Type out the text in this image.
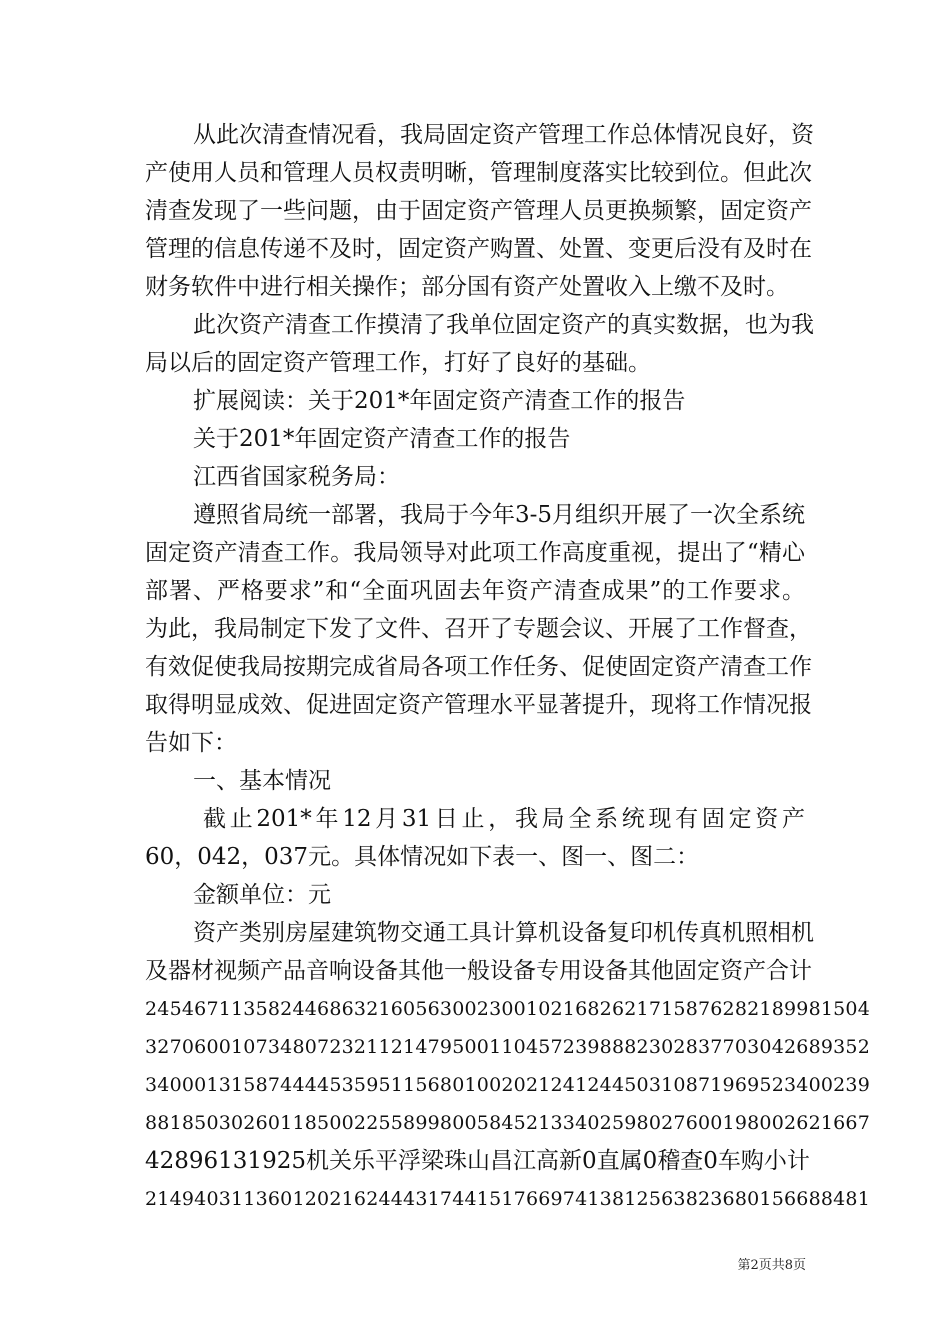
从此次清查情况看，我局固定资产管理工作总体情况良好，资
产使用人员和管理人员权责明晰，管理制度落实比较到位。但此次
清查发现了一些问题，由于固定资产管理人员更换频繁，固定资产
管理的信息传递不及时，固定资产购置、处置、变更后没有及时在
财务软件中进行相关操作；部分国有资产处置收入上缴不及时。
此次资产清查工作摸清了我单位固定资产的真实数据，也为我
局以后的固定资产管理工作，打好了良好的基础。
扩展阅读：关于201*年固定资产清查工作的报告
关于201*年固定资产清查工作的报告
江西省国家税务局：
遵照省局统一部署，我局于今年3-5月组织开展了一次全系统
固定资产清查工作。我局领导对此项工作高度重视，提出了“精心
部署、严格要求”和“全面巩固去年资产清查成果”的工作要求。
为此，我局制定下发了文件、召开了专题会议、开展了工作督查，
有效促使我局按期完成省局各项工作任务、促使固定资产清查工作
取得明显成效、促进固定资产管理水平显著提升，现将工作情况报
告如下：
一、基本情况
截止201*年12月31日止，我局全系统现有固定资产
60，042，037元。具体情况如下表一、图一、图二：
金额单位：元
资产类别房屋建筑物交通工具计算机设备复印机传真机照相机
及器材视频产品音响设备其他一般设备专用设备其他固定资产合计
2454671135824468632160563002300102168262171587628218998150​4
3270600107348072321121479500110457239888230283770304268935​2
3400013158744445359511568010020212412445031087196952340023​9
8818503026011850022558998005845213340259802760019800262166​7
42896131925机关乐平浮梁珠山昌江高新0直属0稽查0车购小计
2149403113601202162444317441517669741381256382368015668848​1
第2页共8页
